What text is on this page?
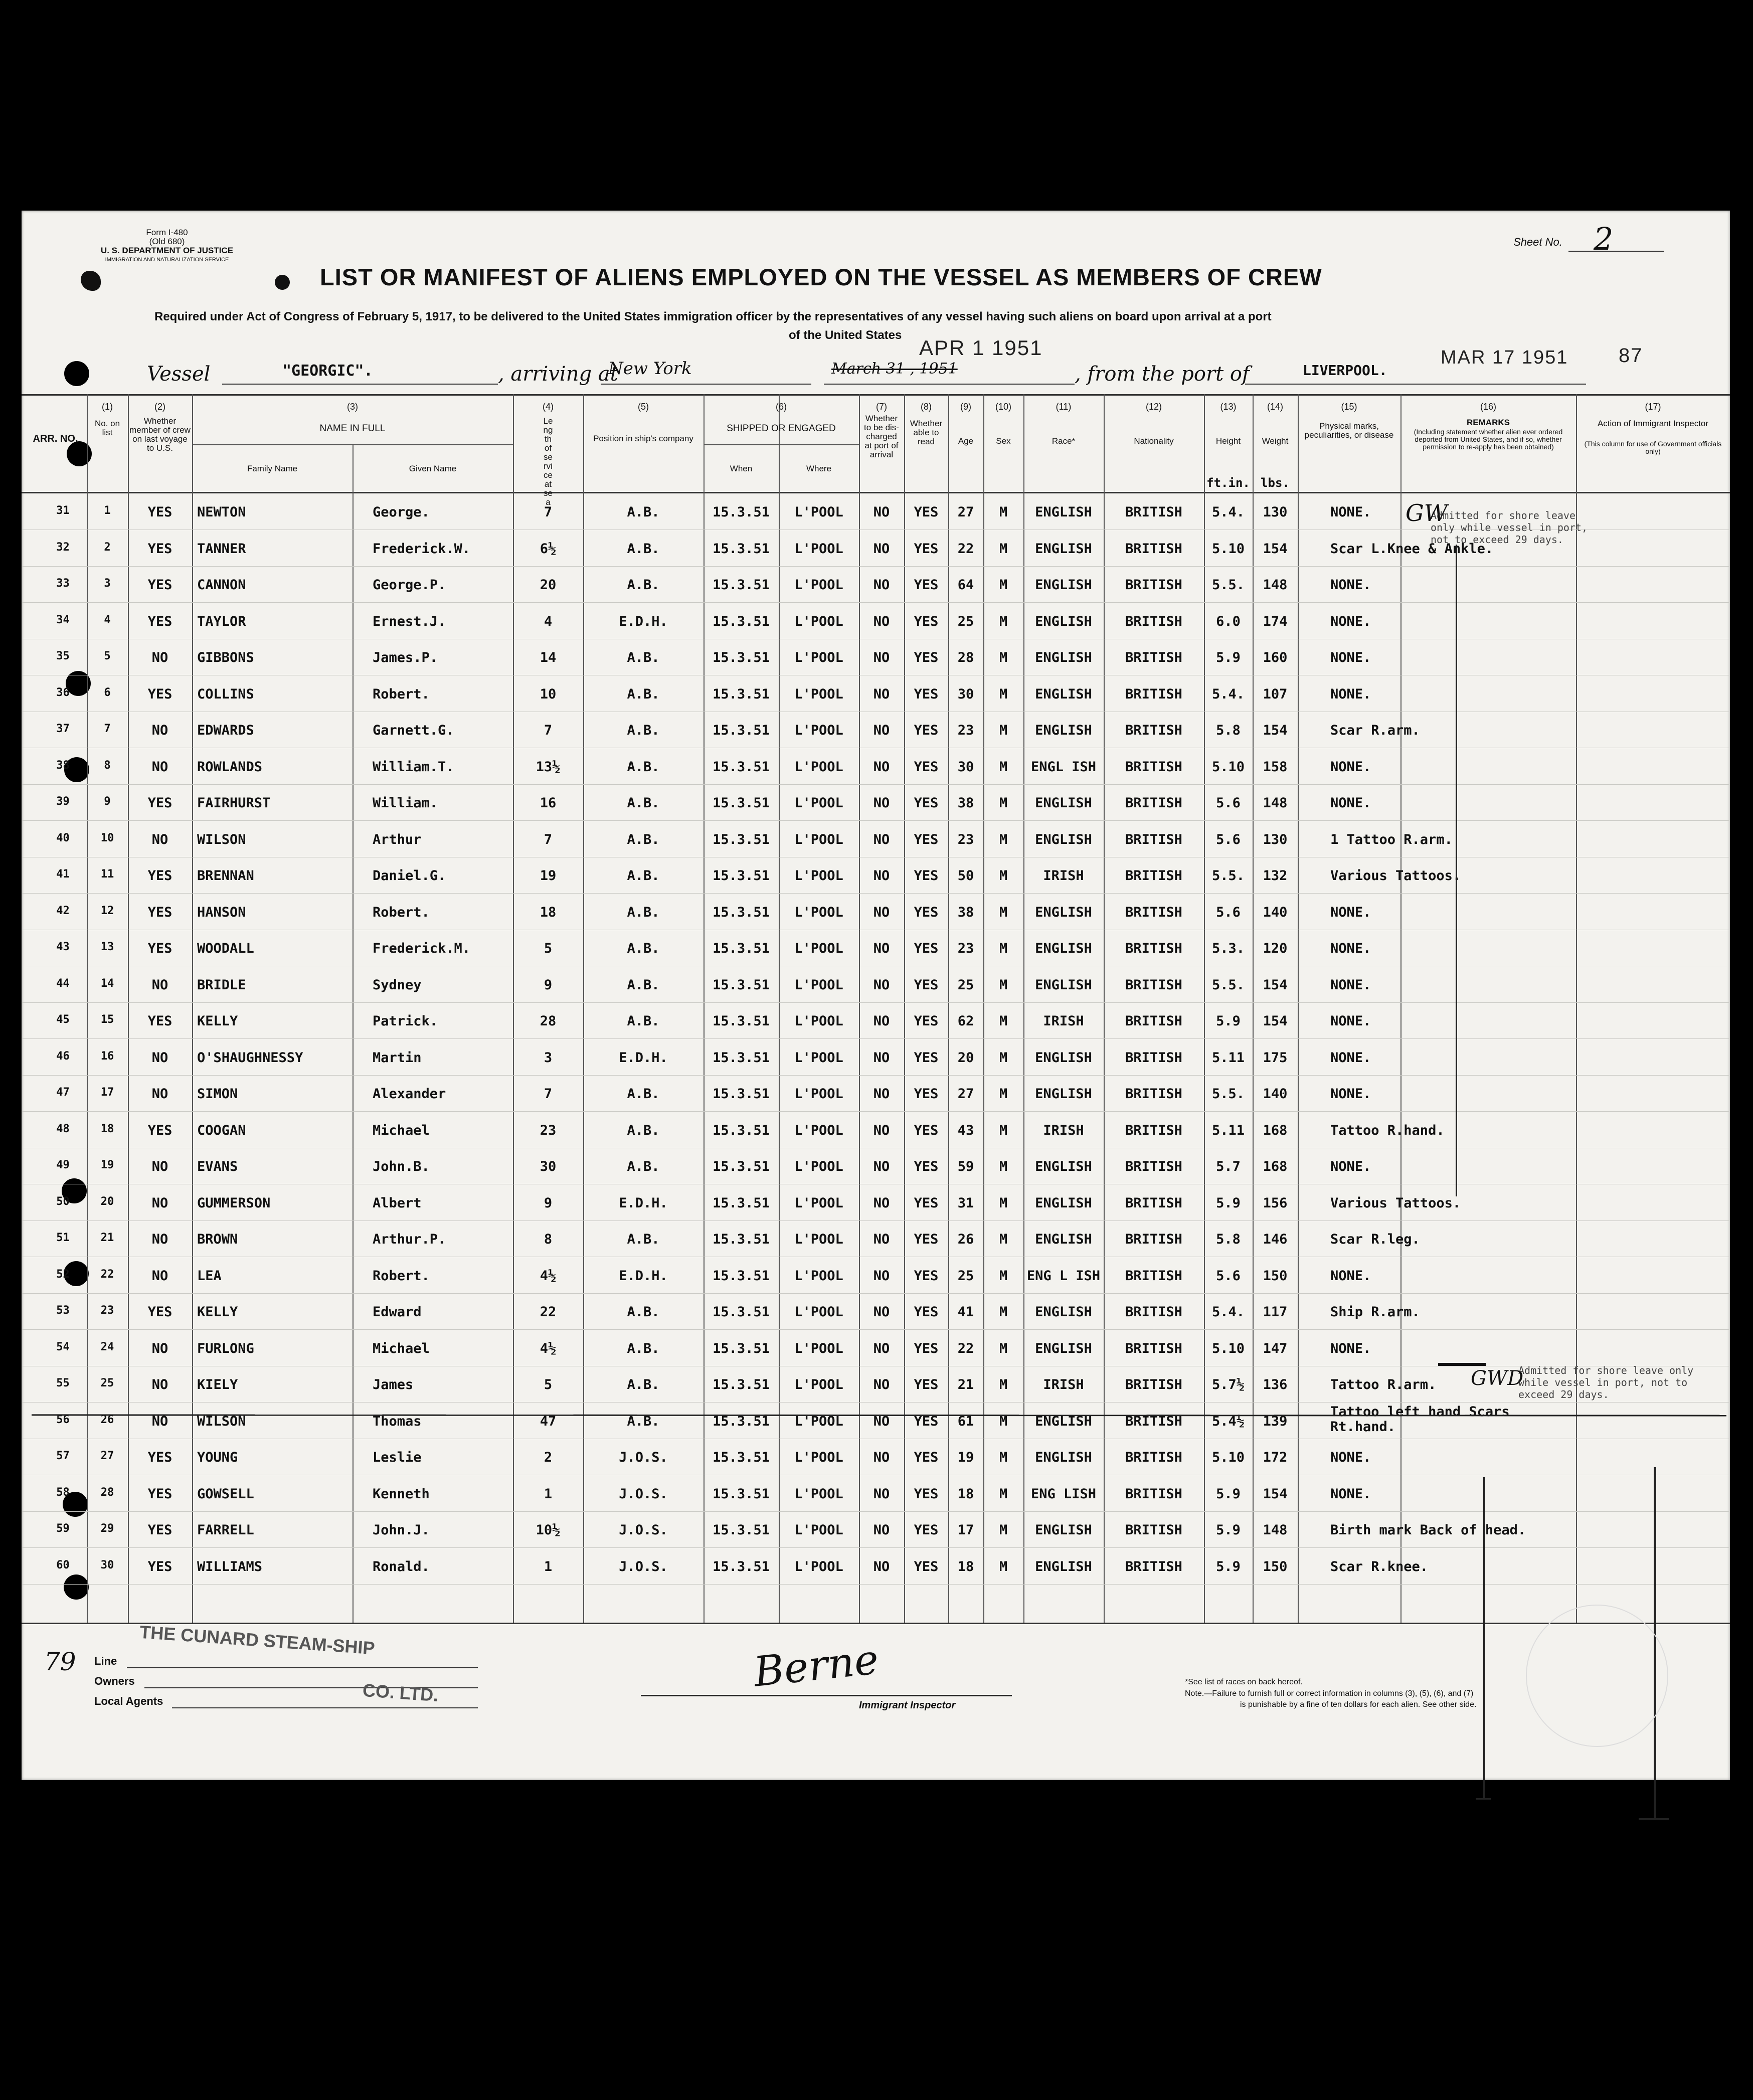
Form I-480
(Old 680)
U. S. DEPARTMENT OF JUSTICE
IMMIGRATION AND NATURALIZATION SERVICE
Sheet No. 2
LIST OR MANIFEST OF ALIENS EMPLOYED ON THE VESSEL AS MEMBERS OF CREW
Required under Act of Congress of February 5, 1917, to be delivered to the United States immigration officer by the representatives of any vessel having such aliens on board upon arrival at a port
of the United States
Vessel	"GEORGIC".	, arriving at
New York	March 31 , 1951
APR 1 1951
, from the port of	LIVERPOOL.
MAR 17 1951	87
(1)	(2)	(3)	(4)	(5)	(6)	(7)	(8)	(9)	(10)	(11)	(12)	(13)	(14)	(15)	(16)	(17)
ARR. NO.
No. on list
Whether member of crew on last voyage to U.S.
NAME IN FULL
Family Name	Given Name
Length of service at sea
Position in ship's company
SHIPPED OR ENGAGED
When	Where
Whether to be dis-charged at port of arrival
Whether able to read	Age	Sex	Race*	Nationality	Height	Weight
Physical marks, peculiarities, or disease
REMARKS
(Including statement whether alien ever ordered deported from United States, and if so, whether permission to re-apply has been obtained)
Action of Immigrant Inspector
(This column for use of Government officials only)
ft.in. lbs.
31	1	YES	NEWTON	George.	7	A.B.	15.3.51	L'POOL	NO	YES	27	M	ENGLISH	BRITISH	5.4.	130	NONE.
32	2	YES	TANNER	Frederick.W.	6½	A.B.	15.3.51	L'POOL	NO	YES	22	M	ENGLISH	BRITISH	5.10	154	Scar L.Knee & Ankle.
33	3	YES	CANNON	George.P.	20	A.B.	15.3.51	L'POOL	NO	YES	64	M	ENGLISH	BRITISH	5.5.	148	NONE.
34	4	YES	TAYLOR	Ernest.J.	4	E.D.H.	15.3.51	L'POOL	NO	YES	25	M	ENGLISH	BRITISH	6.0	174	NONE.
35	5	NO	GIBBONS	James.P.	14	A.B.	15.3.51	L'POOL	NO	YES	28	M	ENGLISH	BRITISH	5.9	160	NONE.
36	6	YES	COLLINS	Robert.	10	A.B.	15.3.51	L'POOL	NO	YES	30	M	ENGLISH	BRITISH	5.4.	107	NONE.
37	7	NO	EDWARDS	Garnett.G.	7	A.B.	15.3.51	L'POOL	NO	YES	23	M	ENGLISH	BRITISH	5.8	154	Scar R.arm.
38	8	NO	ROWLANDS	William.T.	13½	A.B.	15.3.51	L'POOL	NO	YES	30	M	ENGL ISH	BRITISH	5.10	158	NONE.
39	9	YES	FAIRHURST	William.	16	A.B.	15.3.51	L'POOL	NO	YES	38	M	ENGLISH	BRITISH	5.6	148	NONE.
40	10	NO	WILSON	Arthur	7	A.B.	15.3.51	L'POOL	NO	YES	23	M	ENGLISH	BRITISH	5.6	130	1 Tattoo R.arm.
41	11	YES	BRENNAN	Daniel.G.	19	A.B.	15.3.51	L'POOL	NO	YES	50	M	IRISH	BRITISH	5.5.	132	Various Tattoos.
42	12	YES	HANSON	Robert.	18	A.B.	15.3.51	L'POOL	NO	YES	38	M	ENGLISH	BRITISH	5.6	140	NONE.
43	13	YES	WOODALL	Frederick.M.	5	A.B.	15.3.51	L'POOL	NO	YES	23	M	ENGLISH	BRITISH	5.3.	120	NONE.
44	14	NO	BRIDLE	Sydney	9	A.B.	15.3.51	L'POOL	NO	YES	25	M	ENGLISH	BRITISH	5.5.	154	NONE.
45	15	YES	KELLY	Patrick.	28	A.B.	15.3.51	L'POOL	NO	YES	62	M	IRISH	BRITISH	5.9	154	NONE.
46	16	NO	O'SHAUGHNESSY	Martin	3	E.D.H.	15.3.51	L'POOL	NO	YES	20	M	ENGLISH	BRITISH	5.11	175	NONE.
47	17	NO	SIMON	Alexander	7	A.B.	15.3.51	L'POOL	NO	YES	27	M	ENGLISH	BRITISH	5.5.	140	NONE.
48	18	YES	COOGAN	Michael	23	A.B.	15.3.51	L'POOL	NO	YES	43	M	IRISH	BRITISH	5.11	168	Tattoo R.hand.
49	19	NO	EVANS	John.B.	30	A.B.	15.3.51	L'POOL	NO	YES	59	M	ENGLISH	BRITISH	5.7	168	NONE.
50	20	NO	GUMMERSON	Albert	9	E.D.H.	15.3.51	L'POOL	NO	YES	31	M	ENGLISH	BRITISH	5.9	156	Various Tattoos.
51	21	NO	BROWN	Arthur.P.	8	A.B.	15.3.51	L'POOL	NO	YES	26	M	ENGLISH	BRITISH	5.8	146	Scar R.leg.
52	22	NO	LEA	Robert.	4½	E.D.H.	15.3.51	L'POOL	NO	YES	25	M	ENG L ISH	BRITISH	5.6	150	NONE.
53	23	YES	KELLY	Edward	22	A.B.	15.3.51	L'POOL	NO	YES	41	M	ENGLISH	BRITISH	5.4.	117	Ship R.arm.
54	24	NO	FURLONG	Michael	4½	A.B.	15.3.51	L'POOL	NO	YES	22	M	ENGLISH	BRITISH	5.10	147	NONE.
55	25	NO	KIELY	James	5	A.B.	15.3.51	L'POOL	NO	YES	21	M	IRISH	BRITISH	5.7½	136	Tattoo R.arm.
56	26	NO	WILSON	Thomas	47	A.B.	15.3.51	L'POOL	NO	YES	61	M	ENGLISH	BRITISH	5.4½	139
Tattoo left hand Scars Rt.hand.
57	27	YES	YOUNG	Leslie	2	J.O.S.	15.3.51	L'POOL	NO	YES	19	M	ENGLISH	BRITISH	5.10	172	NONE.
58	28	YES	GOWSELL	Kenneth	1	J.O.S.	15.3.51	L'POOL	NO	YES	18	M	ENG LISH	BRITISH	5.9	154	NONE.
59	29	YES	FARRELL	John.J.	10½	J.O.S.	15.3.51	L'POOL	NO	YES	17	M	ENGLISH	BRITISH	5.9	148	Birth mark Back of head.
60	30	YES	WILLIAMS	Ronald.	1	J.O.S.	15.3.51	L'POOL	NO	YES	18	M	ENGLISH	BRITISH	5.9	150	Scar R.knee.
Admitted for shore leave only while vessel in port, not to exceed 29 days.
GW
Admitted for shore leave only while vessel in port, not to exceed 29 days.
GWD
79 Line
Owners
Local Agents
THE CUNARD STEAM-SHIP
CO. LTD.	Berne
Immigrant Inspector
*See list of races on back hereof.
Note.—Failure to furnish full or correct information in columns (3), (5), (6), and (7)
is punishable by a fine of ten dollars for each alien. See other side.
